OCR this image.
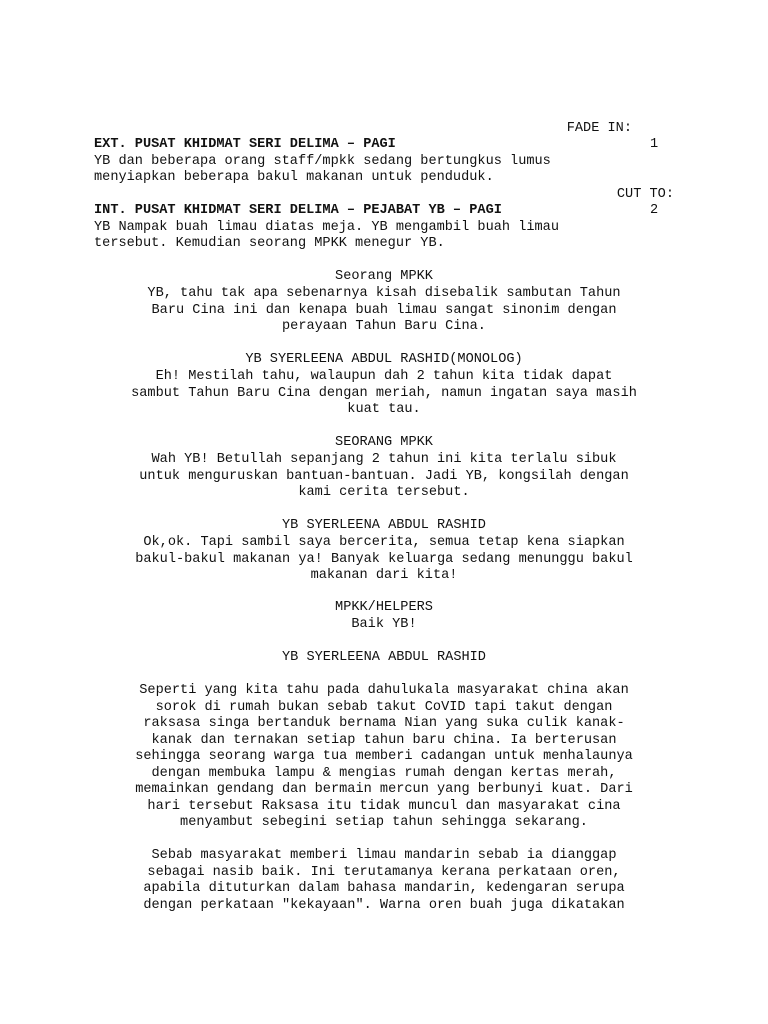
FADE IN:
EXT. PUSAT KHIDMAT SERI DELIMA – PAGI	1
YB dan beberapa orang staff/mpkk sedang bertungkus lumus
menyiapkan beberapa bakul makanan untuk penduduk.
CUT TO:
INT. PUSAT KHIDMAT SERI DELIMA – PEJABAT YB – PAGI	2
YB Nampak buah limau diatas meja. YB mengambil buah limau
tersebut. Kemudian seorang MPKK menegur YB.
Seorang MPKK
YB, tahu tak apa sebenarnya kisah disebalik sambutan Tahun
Baru Cina ini dan kenapa buah limau sangat sinonim dengan
perayaan Tahun Baru Cina.
YB SYERLEENA ABDUL RASHID(MONOLOG)
Eh! Mestilah tahu, walaupun dah 2 tahun kita tidak dapat
sambut Tahun Baru Cina dengan meriah, namun ingatan saya masih
kuat tau.
SEORANG MPKK
Wah YB! Betullah sepanjang 2 tahun ini kita terlalu sibuk
untuk menguruskan bantuan-bantuan. Jadi YB, kongsilah dengan
kami cerita tersebut.
YB SYERLEENA ABDUL RASHID
Ok,ok. Tapi sambil saya bercerita, semua tetap kena siapkan
bakul-bakul makanan ya! Banyak keluarga sedang menunggu bakul
makanan dari kita!
MPKK/HELPERS
Baik YB!
YB SYERLEENA ABDUL RASHID
Seperti yang kita tahu pada dahulukala masyarakat china akan
sorok di rumah bukan sebab takut CoVID tapi takut dengan
raksasa singa bertanduk bernama Nian yang suka culik kanak-
kanak dan ternakan setiap tahun baru china. Ia berterusan
sehingga seorang warga tua memberi cadangan untuk menhalaunya
dengan membuka lampu & mengias rumah dengan kertas merah,
memainkan gendang dan bermain mercun yang berbunyi kuat. Dari
hari tersebut Raksasa itu tidak muncul dan masyarakat cina
menyambut sebegini setiap tahun sehingga sekarang.
Sebab masyarakat memberi limau mandarin sebab ia dianggap
sebagai nasib baik. Ini terutamanya kerana perkataan oren,
apabila dituturkan dalam bahasa mandarin, kedengaran serupa
dengan perkataan "kekayaan". Warna oren buah juga dikatakan
